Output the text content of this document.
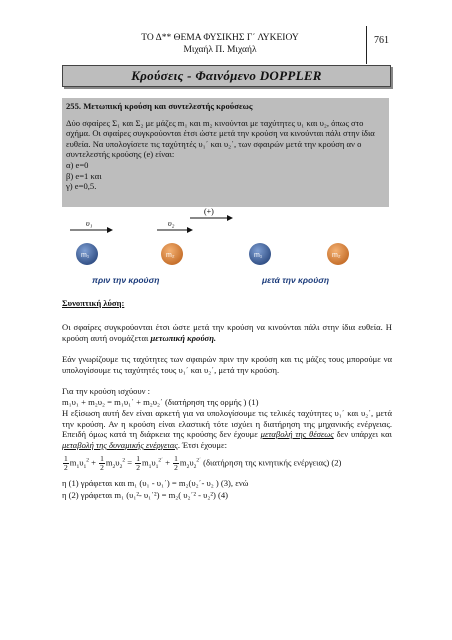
ΤΟ Δ** ΘΕΜΑ ΦΥΣΙΚΗΣ Γ΄ ΛΥΚΕΙΟΥ
Μιχαήλ Π. Μιχαήλ
761
Κρούσεις - Φαινόμενο DOPPLER
255. Μετωπική κρούση και συντελεστής κρούσεως

Δύο σφαίρες Σ₁ και Σ₂ με μάζες m₁ και m₂ κινούνται με ταχύτητες υ₁ και υ₂, όπως στο σχήμα. Οι σφαίρες συγκρούονται έτσι ώστε μετά την κρούση να κινούνται πάλι στην ίδια ευθεία. Να υπολογίσετε τις ταχύτητές υ₁΄ και υ₂΄, των σφαιρών μετά την κρούση αν ο συντελεστής κρούσης (e) είναι:

α) e=0

β) e=1 και

γ) e=0,5.

(+)
υ₁	υ₂
m₁	m₂	m₁	m₂
πριν την κρούση	μετά την κρούση
Συνοπτική λύση:
Οι σφαίρες συγκρούονται έτσι ώστε μετά την κρούση να κινούνται πάλι στην ίδια ευθεία. Η κρούση αυτή ονομάζεται μετωπική κρούση.
Εάν γνωρίζουμε τις ταχύτητες των σφαιρών πριν την κρούση και τις μάζες τους μπορούμε να υπολογίσουμε τις ταχύτητές τους υ₁΄ και υ₂΄, μετά την κρούση.
Για την κρούση ισχύουν :
m₁υ₁ + m₂υ₂ = m₁υ₁΄ + m₂υ₂΄ (διατήρηση της ορμής ) (1)
Η εξίσωση αυτή δεν είναι αρκετή για να υπολογίσουμε τις τελικές ταχύτητες υ₁΄ και υ₂΄, μετά την κρούση. Αν η κρούση είναι ελαστική τότε ισχύει η διατήρηση της μηχανικής ενέργειας. Επειδή όμως κατά τη διάρκεια της κρούσης δεν έχουμε μεταβολή της θέσεως δεν υπάρχει και μεταβολή της δυναμικής ενέργειας. Έτσι έχουμε:
$\frac{1}{2} m_1\upsilon_1^2 + \frac{1}{2} m_2\upsilon_2^2 = \frac{1}{2} m_1\upsilon_1^{2΄} + \frac{1}{2} m_2\upsilon_2^{2΄}$ (διατήρηση της κινητικής ενέργειας) (2)
η (1) γράφεται και m₁ (υ₁ - υ₁΄) = m₂(υ₂΄- υ₂ ) (3), ενώ
η (2) γράφεται m₁ (υ₁²- υ₁΄²) = m₂( υ₂΄² - υ₂²) (4)
